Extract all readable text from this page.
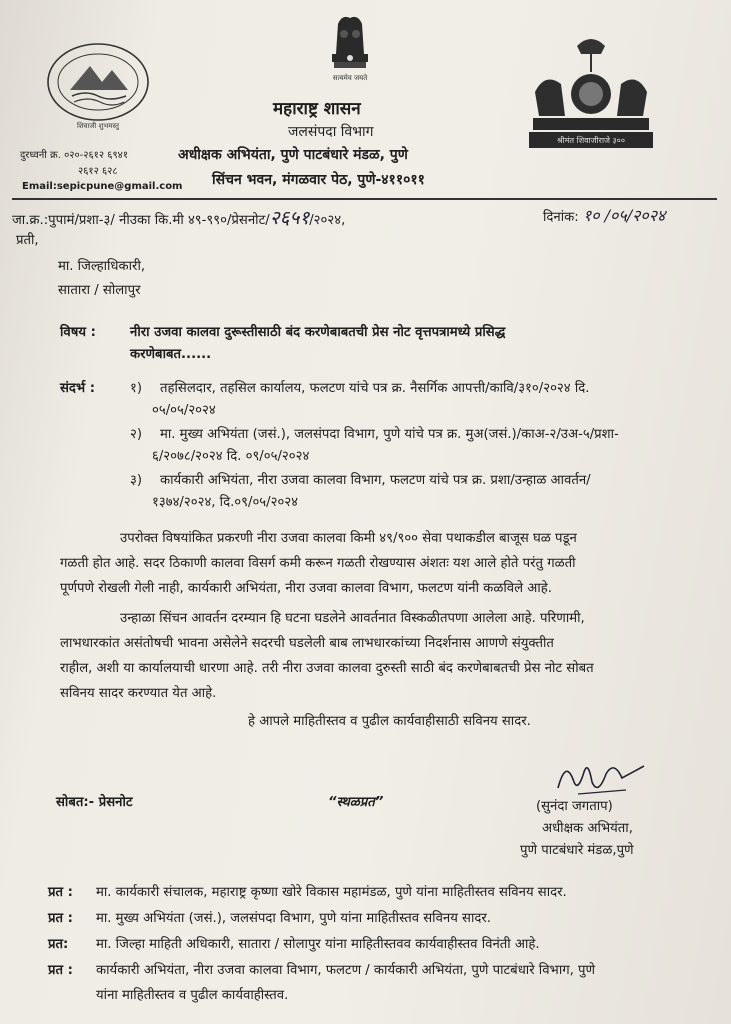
शिवाजी शुभमस्तु
सत्यमेव जयते
श्रीमंत शिवाजीराजे ३००
दुरध्वनी क्र. ०२०-२६१२ ६९४१
२६१२ ६२८
Email:sepicpune@gmail.com
महाराष्ट्र शासन
जलसंपदा विभाग
अधीक्षक अभियंता, पुणे पाटबंधारे मंडळ, पुणे
सिंचन भवन, मंगळवार पेठ, पुणे-४११०११
जा.क्र.:पुपामं/प्रशा-३/ नीउका कि.मी ४९-९९०/प्रेसनोट/२६५१/२०२४,	दिनांक: १० /०५/२०२४
प्रती,
मा. जिल्हाधिकारी,
सातारा / सोलापुर
विषय :	नीरा उजवा कालवा दुरूस्तीसाठी बंद करणेबाबतची प्रेस नोट वृत्तपत्रामध्ये प्रसिद्ध
करणेबाबत......
संदर्भ :	१) तहसिलदार, तहसिल कार्यालय, फलटण यांचे पत्र क्र. नैसर्गिक आपत्ती/कावि/३१०/२०२४ दि.
०५/०५/२०२४
२) मा. मुख्य अभियंता (जसं.), जलसंपदा विभाग, पुणे यांचे पत्र क्र. मुअ(जसं.)/काअ-२/उअ-५/प्रशा-
६/२०७८/२०२४ दि. ०९/०५/२०२४
३) कार्यकारी अभियंता, नीरा उजवा कालवा विभाग, फलटण यांचे पत्र क्र. प्रशा/उन्हाळ आवर्तन/
१३७४/२०२४, दि.०९/०५/२०२४
उपरोक्त विषयांकित प्रकरणी नीरा उजवा कालवा किमी ४९/९०० सेवा पथाकडील बाजूस घळ पडून
गळती होत आहे. सदर ठिकाणी कालवा विसर्ग कमी करून गळती रोखण्यास अंशतः यश आले होते परंतु गळती
पूर्णपणे रोखली गेली नाही, कार्यकारी अभियंता, नीरा उजवा कालवा विभाग, फलटण यांनी कळविले आहे.
उन्हाळा सिंचन आवर्तन दरम्यान हि घटना घडलेने आवर्तनात विस्कळीतपणा आलेला आहे. परिणामी,
लाभधारकांत असंतोषची भावना असेलेने सदरची घडलेली बाब लाभधारकांच्या निदर्शनास आणणे संयुक्तीत
राहील, अशी या कार्यालयाची धारणा आहे. तरी नीरा उजवा कालवा दुरुस्ती साठी बंद करणेबाबतची प्रेस नोट सोबत
सविनय सादर करण्यात येत आहे.
हे आपले माहितीस्तव व पुढील कार्यवाहीसाठी सविनय सादर.
सोबत:- प्रेसनोट	“स्थळप्रत”	(सुनंदा जगताप)
अधीक्षक अभियंता,
पुणे पाटबंधारे मंडळ,पुणे
प्रत : मा. कार्यकारी संचालक, महाराष्ट्र कृष्णा खोरे विकास महामंडळ, पुणे यांना माहितीस्तव सविनय सादर.
प्रत : मा. मुख्य अभियंता (जसं.), जलसंपदा विभाग, पुणे यांना माहितीस्तव सविनय सादर.
प्रत: मा. जिल्हा माहिती अधिकारी, सातारा / सोलापुर यांना माहितीस्तवव कार्यवाहीस्तव विनंती आहे.
प्रत : कार्यकारी अभियंता, नीरा उजवा कालवा विभाग, फलटण / कार्यकारी अभियंता, पुणे पाटबंधारे विभाग, पुणे
यांना माहितीस्तव व पुढील कार्यवाहीस्तव.
